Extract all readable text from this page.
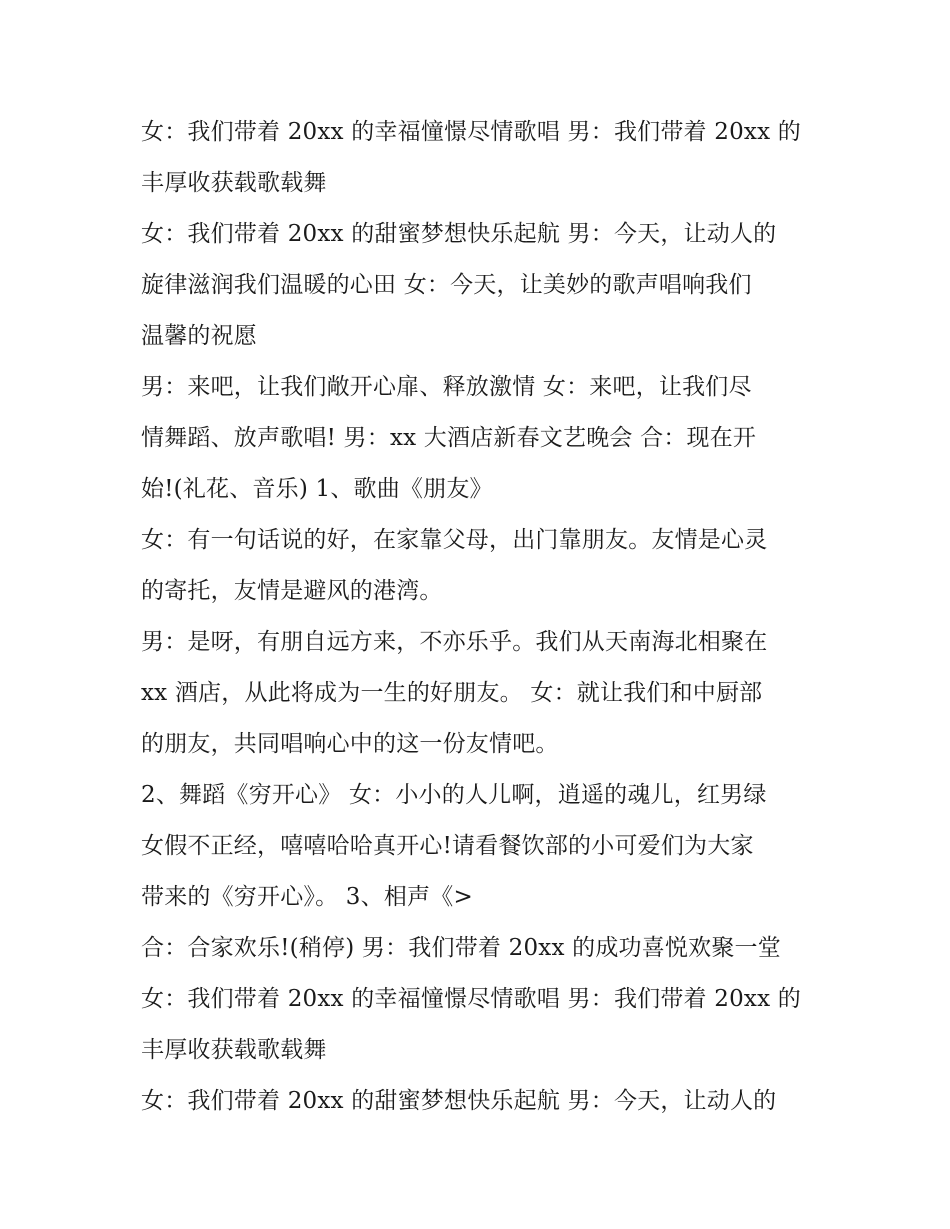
女：我们带着 20xx 的幸福憧憬尽情歌唱 男：我们带着 20xx 的
丰厚收获载歌载舞
女：我们带着 20xx 的甜蜜梦想快乐起航 男：今天，让动人的
旋律滋润我们温暖的心田 女：今天，让美妙的歌声唱响我们
温馨的祝愿
男：来吧，让我们敞开心扉、释放激情 女：来吧，让我们尽
情舞蹈、放声歌唱! 男：xx 大酒店新春文艺晚会 合：现在开
始!(礼花、音乐) 1、歌曲《朋友》
女：有一句话说的好，在家靠父母，出门靠朋友。友情是心灵
的寄托，友情是避风的港湾。
男：是呀，有朋自远方来，不亦乐乎。我们从天南海北相聚在
xx 酒店，从此将成为一生的好朋友。 女：就让我们和中厨部
的朋友，共同唱响心中的这一份友情吧。
2、舞蹈《穷开心》 女：小小的人儿啊，逍遥的魂儿，红男绿
女假不正经，嘻嘻哈哈真开心!请看餐饮部的小可爱们为大家
带来的《穷开心》。 3、相声《>
合：合家欢乐!(稍停) 男：我们带着 20xx 的成功喜悦欢聚一堂
女：我们带着 20xx 的幸福憧憬尽情歌唱 男：我们带着 20xx 的
丰厚收获载歌载舞
女：我们带着 20xx 的甜蜜梦想快乐起航 男：今天，让动人的
